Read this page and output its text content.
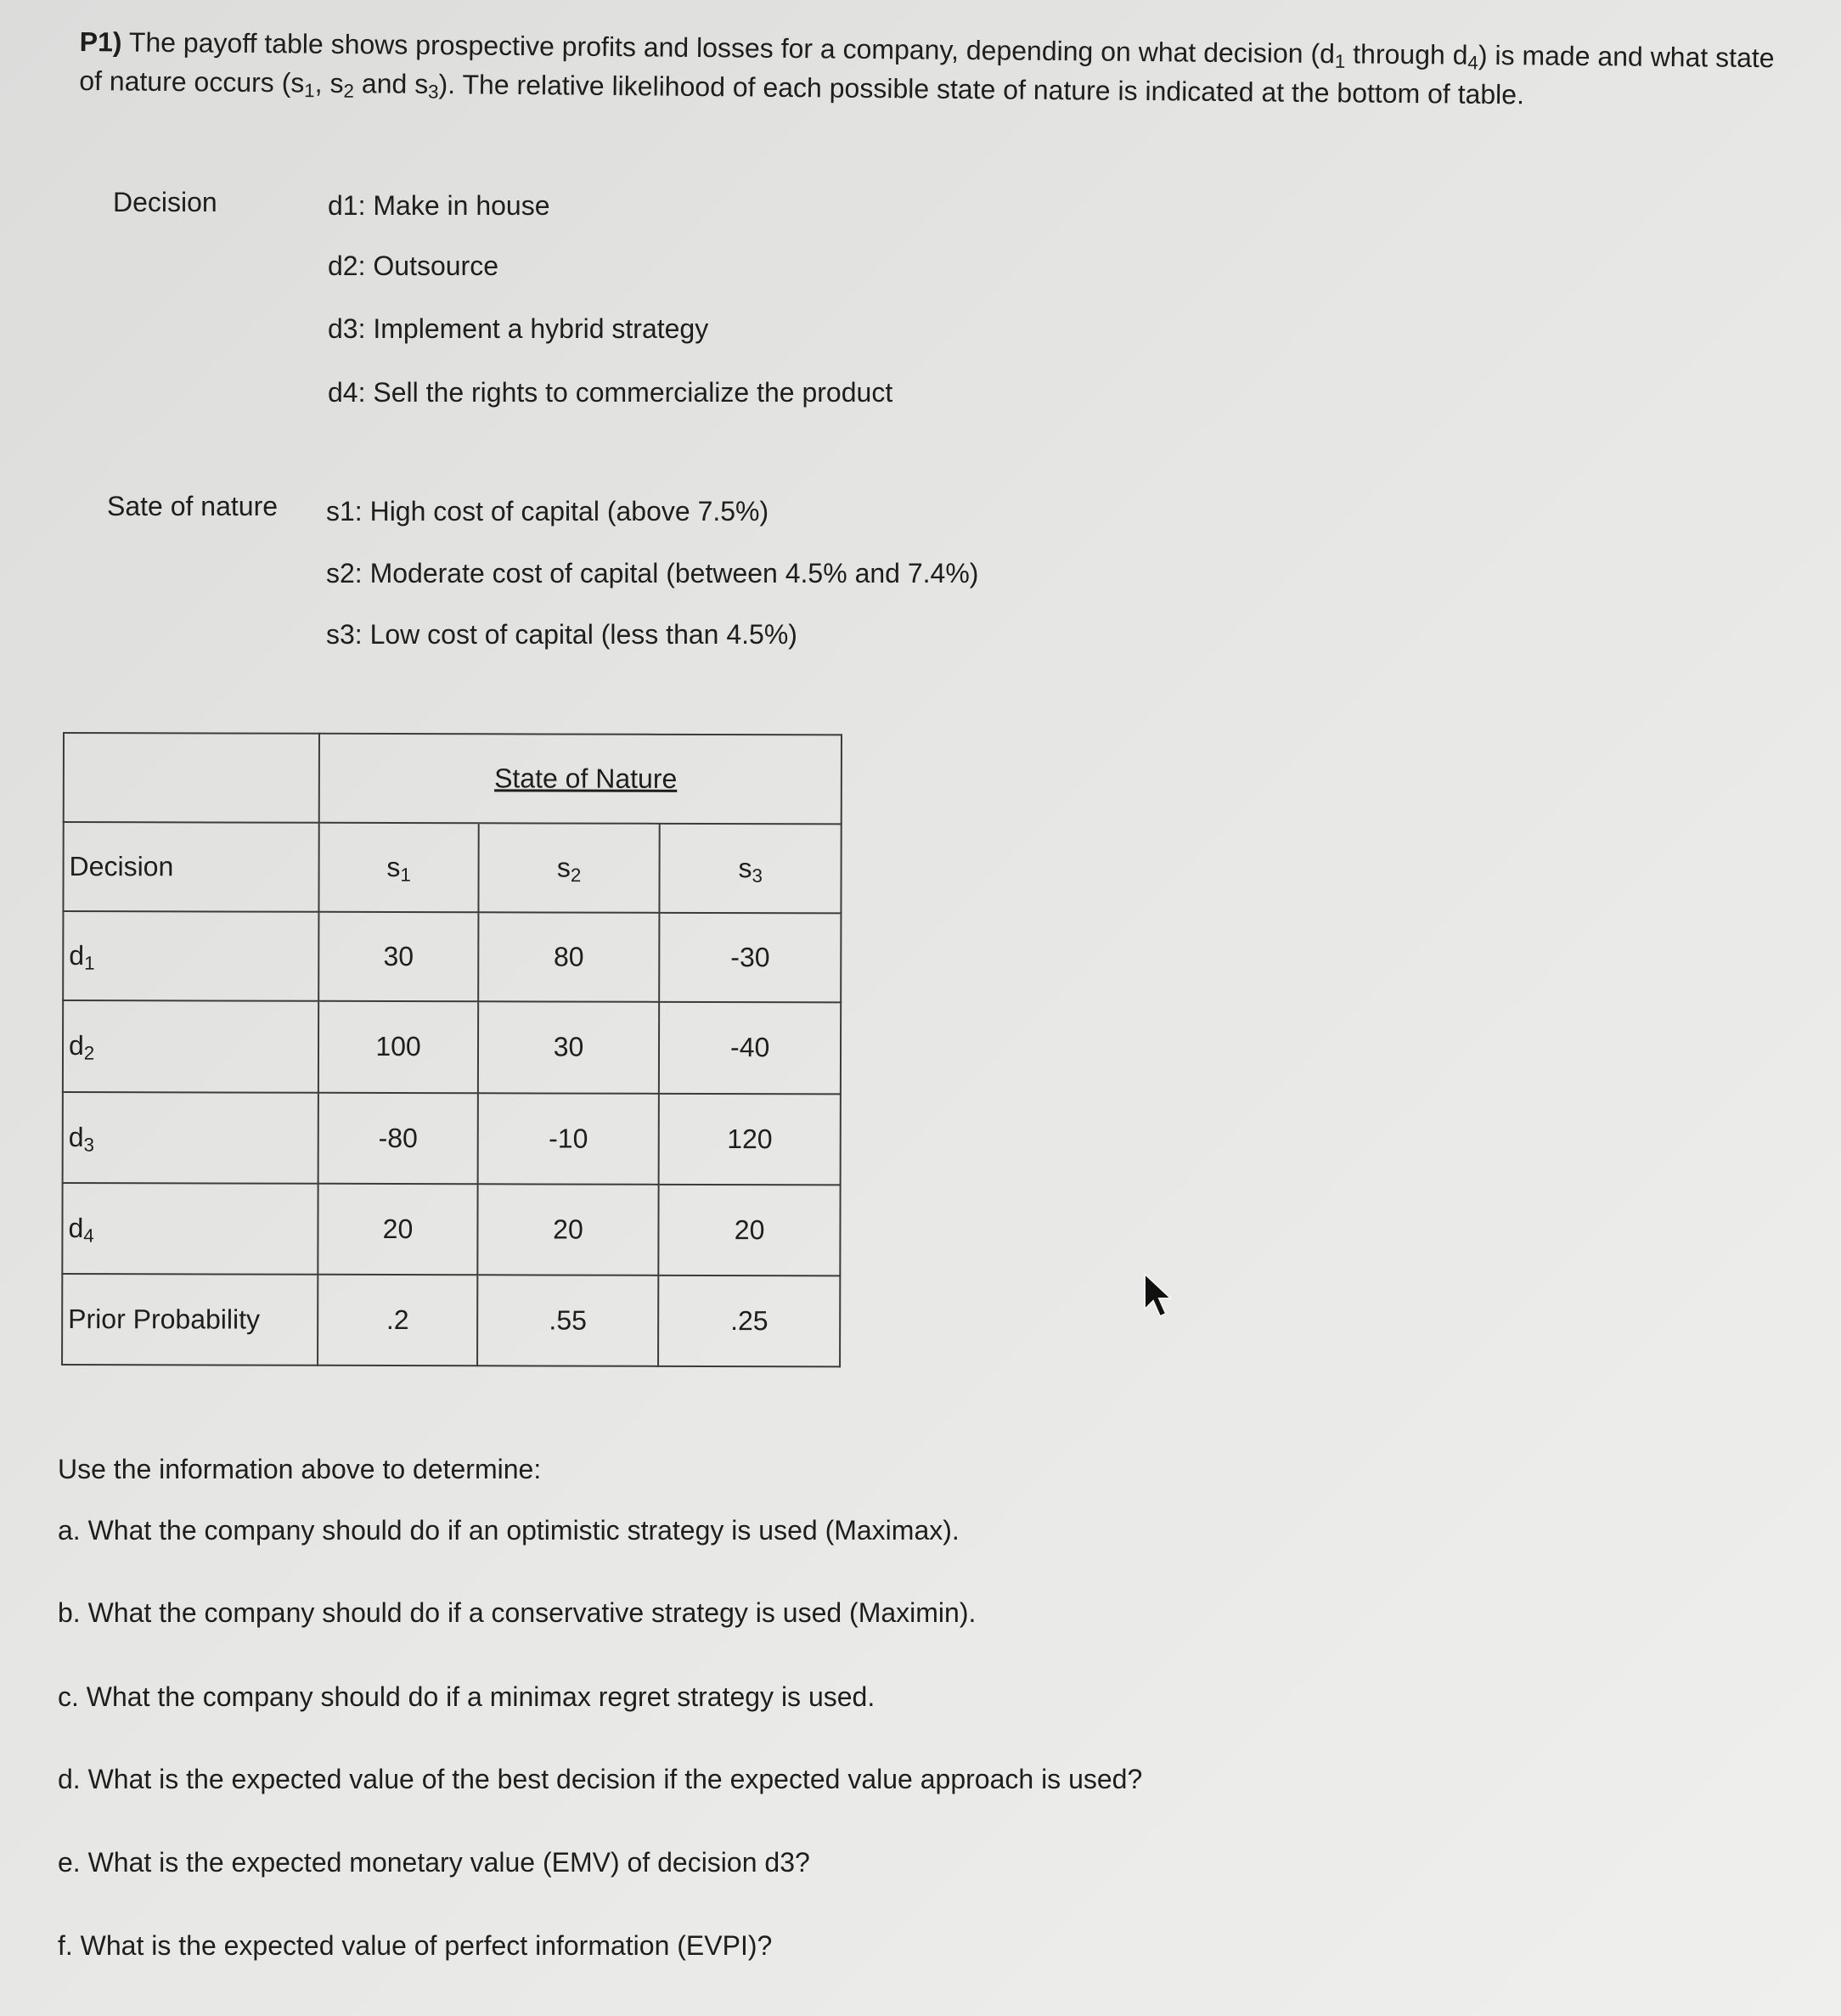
P1) The payoff table shows prospective profits and losses for a company, depending on what decision ($d_1$ through $d_4$) is made and what state of nature occurs ($s_1$, $s_2$ and $s_3$). The relative likelihood of each possible state of nature is indicated at the bottom of table.
Decision	d1: Make in house
d2: Outsource
d3: Implement a hybrid strategy
d4: Sell the rights to commercialize the product
Sate of nature s1: High cost of capital (above 7.5%)
s2: Moderate cost of capital (between 4.5% and 7.4%)
s3: Low cost of capital (less than 4.5%)
		State of Nature	
Decision	$s_1$	$s_2$	$s_3$
$d_1$	30	80	-30
$d_2$	100	30	-40
$d_3$	-80	-10	120
$d_4$	20	20	20
Prior Probability	.2	.55	.25
Use the information above to determine:
a. What the company should do if an optimistic strategy is used (Maximax).
b. What the company should do if a conservative strategy is used (Maximin).
c. What the company should do if a minimax regret strategy is used.
d. What is the expected value of the best decision if the expected value approach is used?
e. What is the expected monetary value (EMV) of decision d3?
f. What is the expected value of perfect information (EVPI)?
